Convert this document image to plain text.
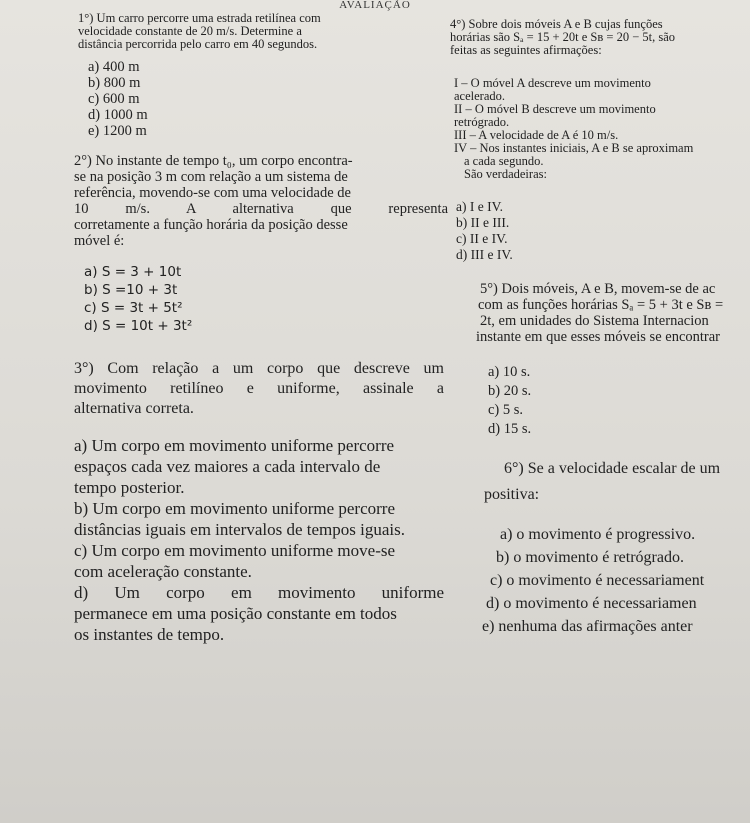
AVALIAÇÃO
1°) Um carro percorre uma estrada retilínea com
velocidade constante de 20 m/s. Determine a
distância percorrida pelo carro em 40 segundos.
a) 400 m
b) 800 m
c) 600 m
d) 1000 m
e) 1200 m
2°) No instante de tempo t₀, um corpo encontra-
se na posição 3 m com relação a um sistema de
referência, movendo-se com uma velocidade de
10 m/s. A alternativa que representa
corretamente a função horária da posição desse
móvel é:
a) S = 3 + 10t
b) S =10 + 3t
c) S = 3t + 5t²
d) S = 10t + 3t²
3°) Com relação a um corpo que descreve um
movimento retilíneo e uniforme, assinale a
alternativa correta.
a) Um corpo em movimento uniforme percorre
espaços cada vez maiores a cada intervalo de
tempo posterior.
b) Um corpo em movimento uniforme percorre
distâncias iguais em intervalos de tempos iguais.
c) Um corpo em movimento uniforme move-se
com aceleração constante.
d) Um corpo em movimento uniforme
permanece em uma posição constante em todos
os instantes de tempo.
4°) Sobre dois móveis A e B cujas funções
horárias são Sₐ = 15 + 20t e Sʙ = 20 − 5t, são
feitas as seguintes afirmações:
I – O móvel A descreve um movimento
acelerado.
II – O móvel B descreve um movimento
retrógrado.
III – A velocidade de A é 10 m/s.
IV – Nos instantes iniciais, A e B se aproximam
a cada segundo.
São verdadeiras:
a) I e IV.
b) II e III.
c) II e IV.
d) III e IV.
5°) Dois móveis, A e B, movem-se de ac
com as funções horárias Sₐ = 5 + 3t e Sʙ =
2t, em unidades do Sistema Internacion
instante em que esses móveis se encontrar
a) 10 s.
b) 20 s.
c) 5 s.
d) 15 s.
6°) Se a velocidade escalar de um
positiva:
a) o movimento é progressivo.
b) o movimento é retrógrado.
c) o movimento é necessariament
d) o movimento é necessariamen
e) nenhuma das afirmações anter
